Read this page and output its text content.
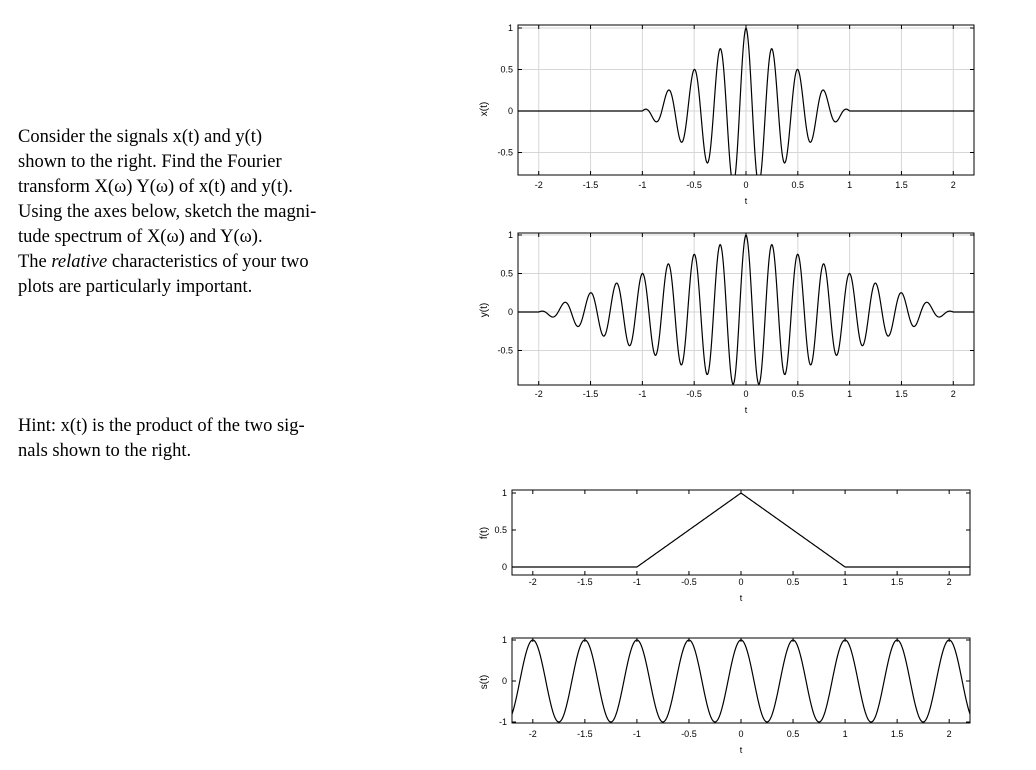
Consider the signals x(t) and y(t)

shown to the right. Find the Fourier

transform X(ω) Y(ω) of x(t) and y(t).

Using the axes below, sketch the magni-

tude spectrum of X(ω) and Y(ω).

The relative characteristics of your two

plots are particularly important.

Hint: x(t) is the product of the two sig-

nals shown to the right.

-2	-1.5	-1	-0.5	0	0.5	1	1.5	2
1
0.5
0
-0.5
t
x(t)
-2	-1.5	-1	-0.5	0	0.5	1	1.5	2
1
0.5
0
-0.5
t
y(t)
-2	-1.5	-1	-0.5	0	0.5	1	1.5	2
1
0.5
0
t
f(t)
-2	-1.5	-1	-0.5	0	0.5	1	1.5	2
1
0
-1
t
s(t)
